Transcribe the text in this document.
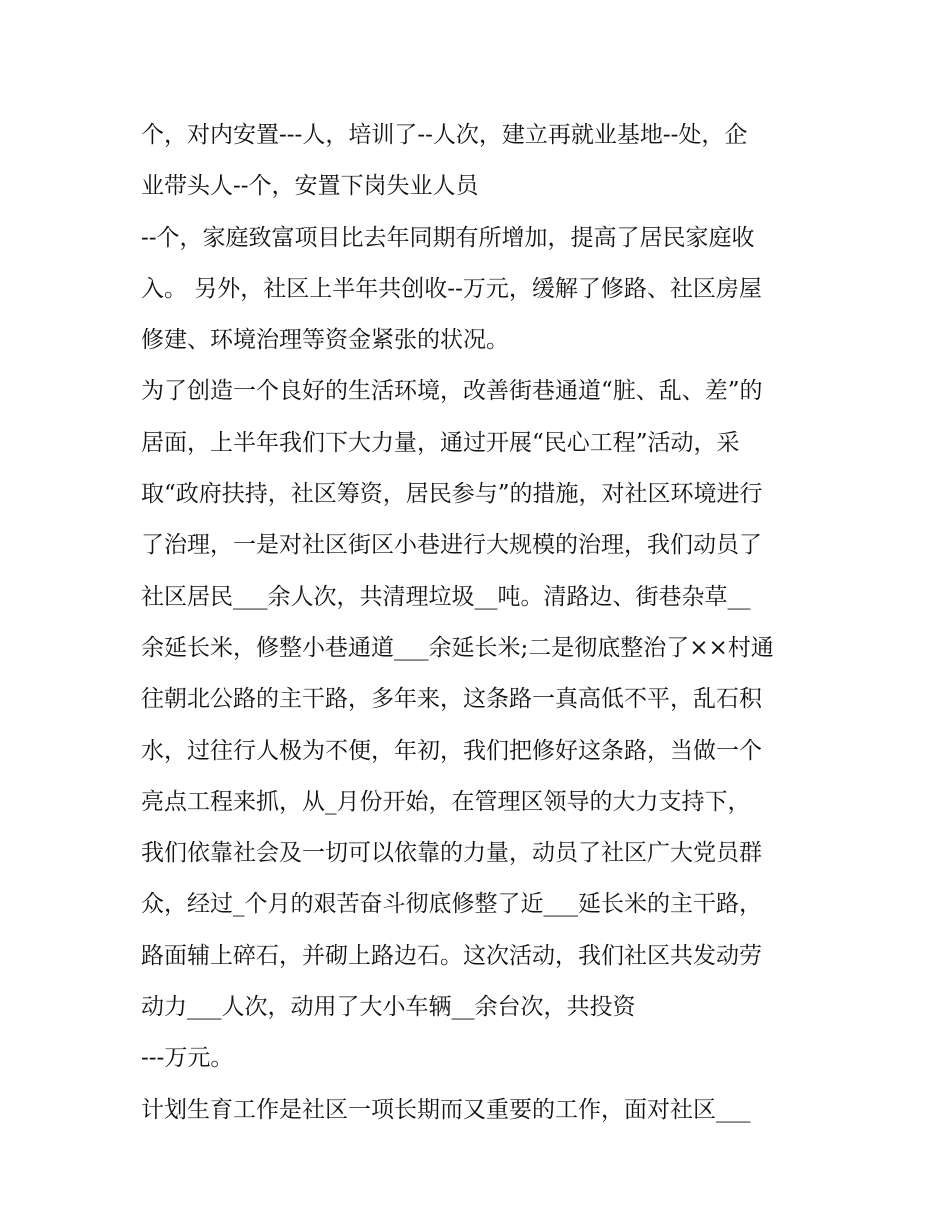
个，对内安置---人，培训了--人次，建立再就业基地--处，企
业带头人--个，安置下岗失业人员
--个，家庭致富项目比去年同期有所增加，提高了居民家庭收
入。 另外，社区上半年共创收--万元，缓解了修路、社区房屋
修建、环境治理等资金紧张的状况。
为了创造一个良好的生活环境，改善街巷通道“脏、乱、差”的
居面，上半年我们下大力量，通过开展“民心工程”活动，采
取“政府扶持，社区筹资，居民参与”的措施，对社区环境进行
了治理，一是对社区街区小巷进行大规模的治理，我们动员了
社区居民___余人次，共清理垃圾__吨。清路边、街巷杂草__
余延长米，修整小巷通道___余延长米;二是彻底整治了××村通
往朝北公路的主干路，多年来，这条路一真高低不平，乱石积
水，过往行人极为不便，年初，我们把修好这条路，当做一个
亮点工程来抓，从_月份开始，在管理区领导的大力支持下，
我们依靠社会及一切可以依靠的力量，动员了社区广大党员群
众，经过_个月的艰苦奋斗彻底修整了近___延长米的主干路，
路面辅上碎石，并砌上路边石。这次活动，我们社区共发动劳
动力___人次，动用了大小车辆__余台次，共投资
---万元。
计划生育工作是社区一项长期而又重要的工作，面对社区___
